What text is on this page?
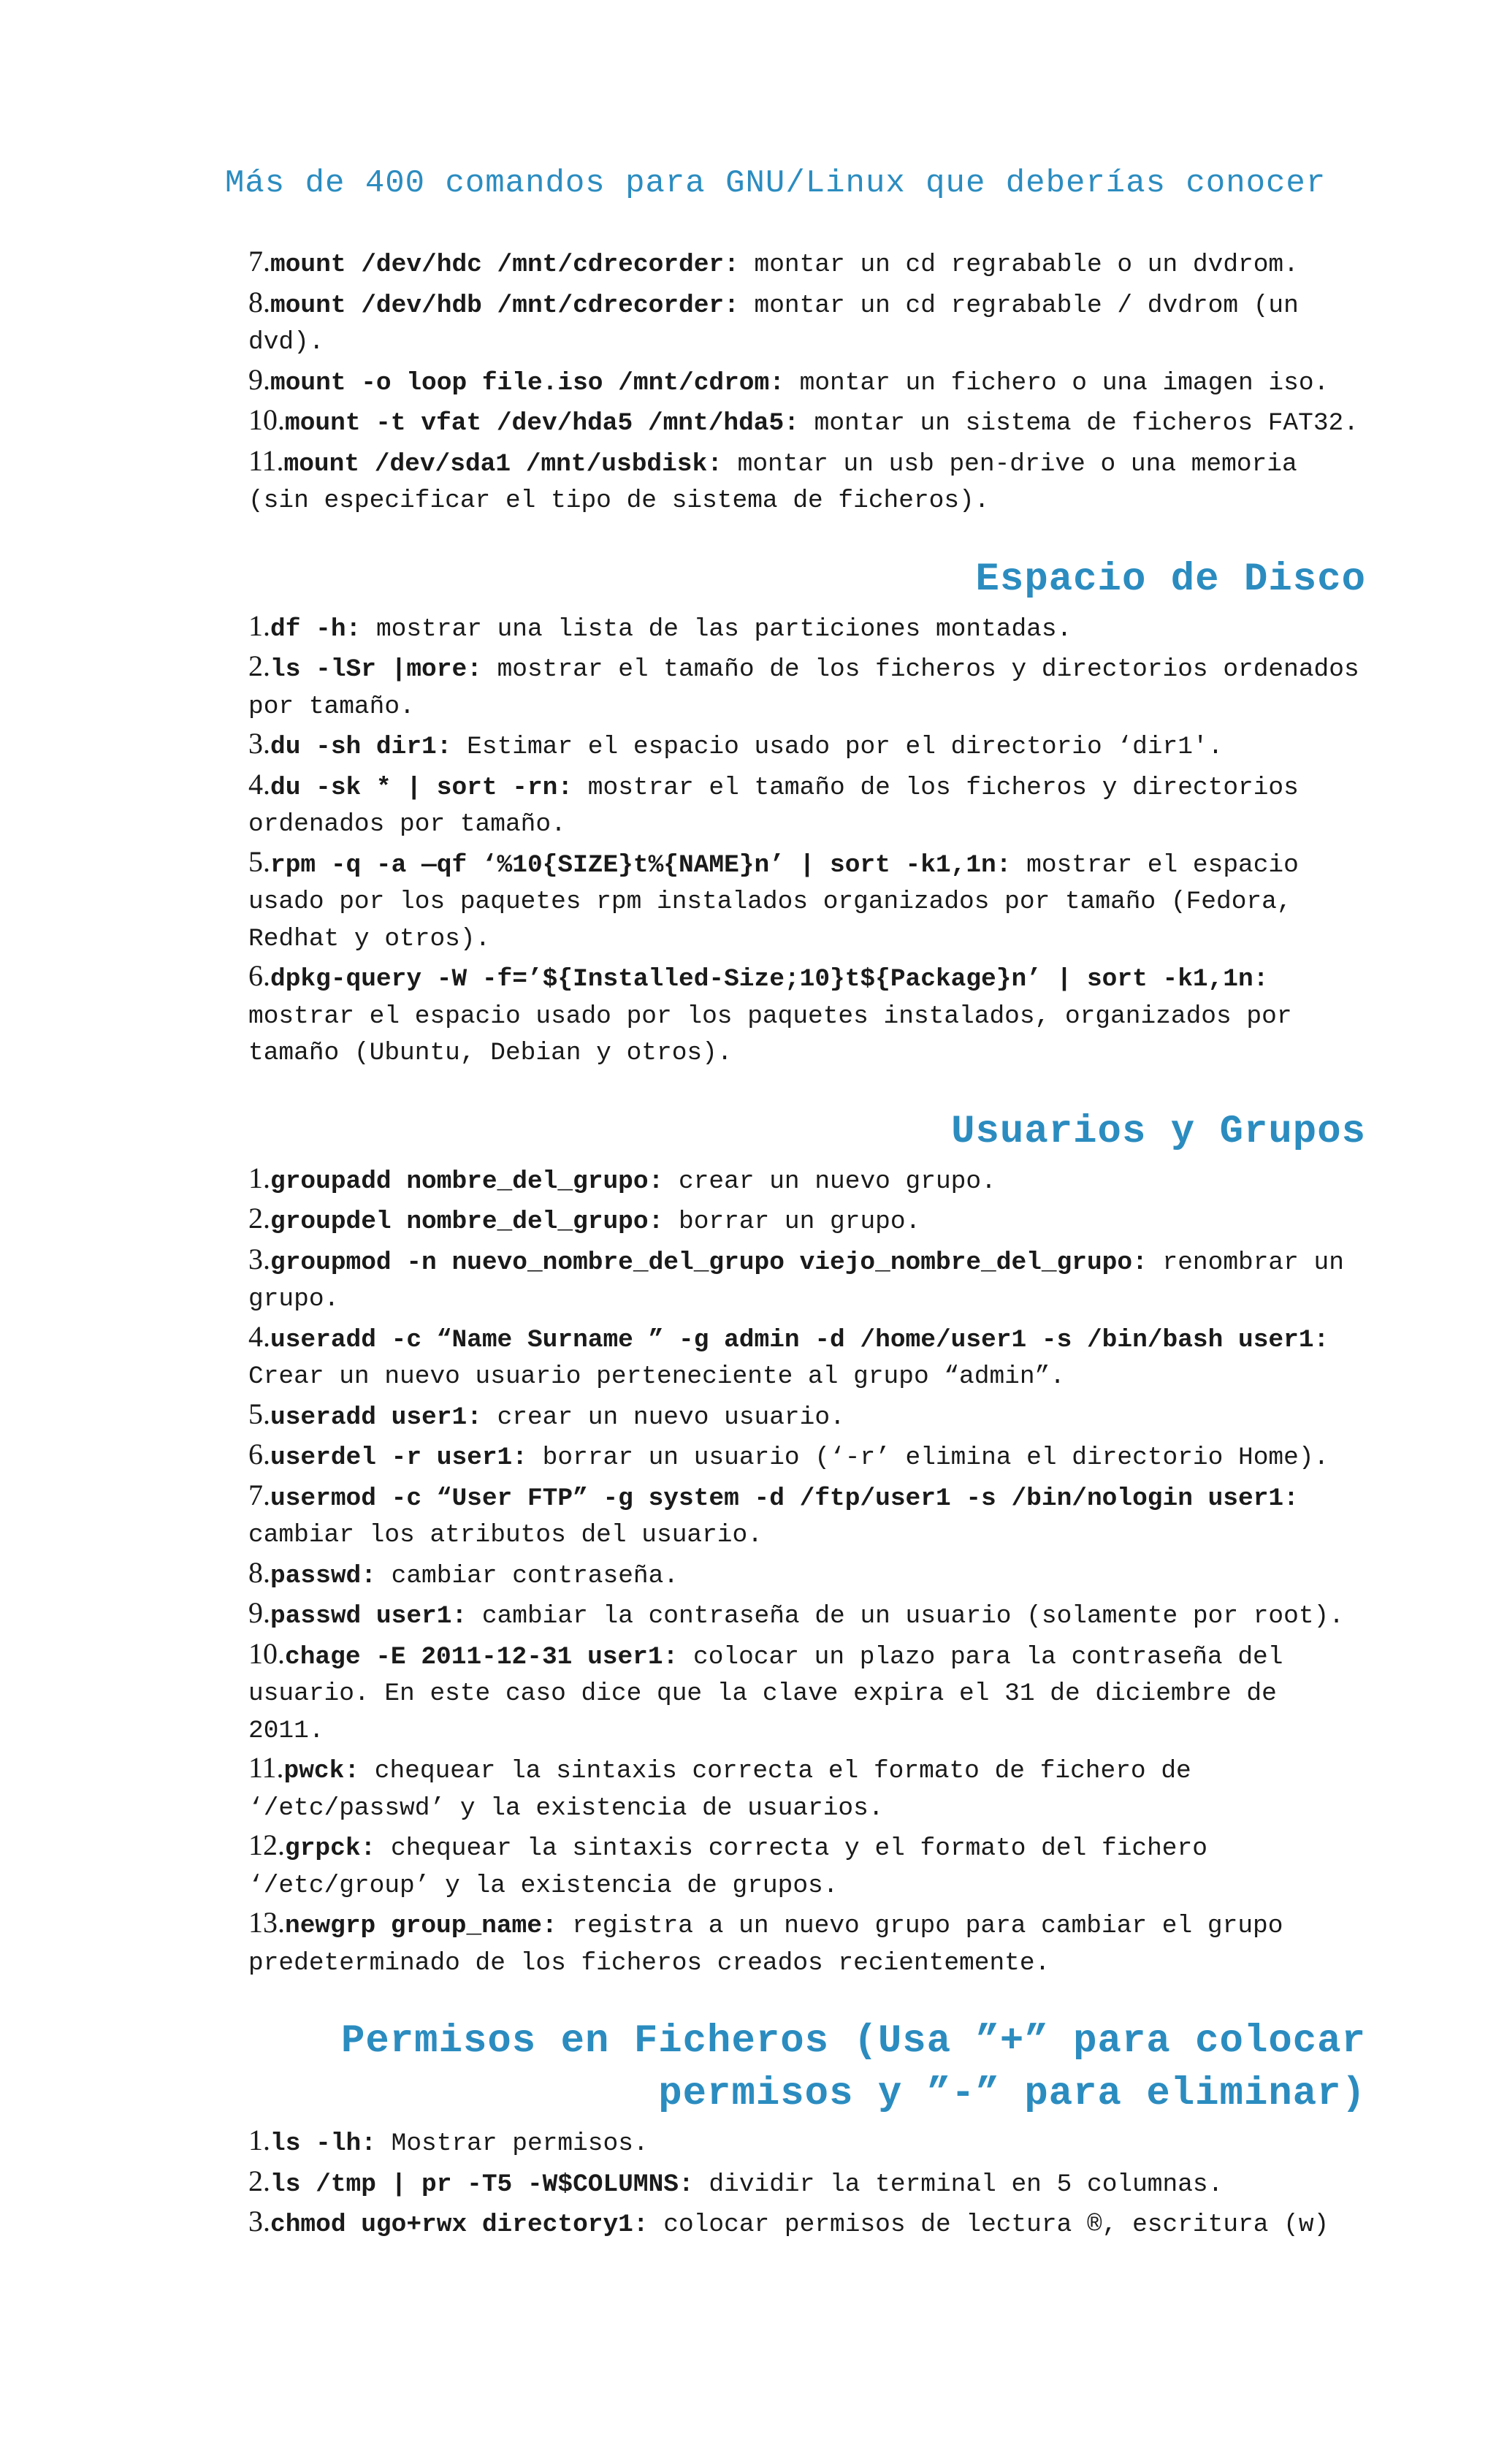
Más de 400 comandos para GNU/Linux que deberías conocer

7.mount /dev/hdc /mnt/cdrecorder: montar un cd regrabable o un dvdrom.

8.mount /dev/hdb /mnt/cdrecorder: montar un cd regrabable / dvdrom (un dvd).

9.mount -o loop file.iso /mnt/cdrom: montar un fichero o una imagen iso.

10.mount -t vfat /dev/hda5 /mnt/hda5: montar un sistema de ficheros FAT32.

11.mount /dev/sda1 /mnt/usbdisk: montar un usb pen-drive o una memoria (sin especificar el tipo de sistema de ficheros).

Espacio de Disco

1.df -h: mostrar una lista de las particiones montadas.

2.ls -lSr |more: mostrar el tamaño de los ficheros y directorios ordenados por tamaño.

3.du -sh dir1: Estimar el espacio usado por el directorio ‘dir1'.

4.du -sk * | sort -rn: mostrar el tamaño de los ficheros y directorios ordenados por tamaño.

5.rpm -q -a —qf ‘%10{SIZE}t%{NAME}n’ | sort -k1,1n: mostrar el espacio usado por los paquetes rpm instalados organizados por tamaño (Fedora, Redhat y otros).

6.dpkg-query -W -f=’${Installed-Size;10}t${Package}n’ | sort -k1,1n: mostrar el espacio usado por los paquetes instalados, organizados por tamaño (Ubuntu, Debian y otros).

Usuarios y Grupos

1.groupadd nombre_del_grupo: crear un nuevo grupo.

2.groupdel nombre_del_grupo: borrar un grupo.

3.groupmod -n nuevo_nombre_del_grupo viejo_nombre_del_grupo: renombrar un grupo.

4.useradd -c “Name Surname ” -g admin -d /home/user1 -s /bin/bash user1: Crear un nuevo usuario perteneciente al grupo “admin”.

5.useradd user1: crear un nuevo usuario.

6.userdel -r user1: borrar un usuario (‘-r’ elimina el directorio Home).

7.usermod -c “User FTP” -g system -d /ftp/user1 -s /bin/nologin user1: cambiar los atributos del usuario.

8.passwd: cambiar contraseña.

9.passwd user1: cambiar la contraseña de un usuario (solamente por root).

10.chage -E 2011-12-31 user1: colocar un plazo para la contraseña del usuario. En este caso dice que la clave expira el 31 de diciembre de 2011.

11.pwck: chequear la sintaxis correcta el formato de fichero de ‘/etc/passwd’ y la existencia de usuarios.

12.grpck: chequear la sintaxis correcta y el formato del fichero ‘/etc/group’ y la existencia de grupos.

13.newgrp group_name: registra a un nuevo grupo para cambiar el grupo predeterminado de los ficheros creados recientemente.

Permisos en Ficheros (Usa ”+” para colocar
permisos y ”-” para eliminar)

1.ls -lh: Mostrar permisos.

2.ls /tmp | pr -T5 -W$COLUMNS: dividir la terminal en 5 columnas.

3.chmod ugo+rwx directory1: colocar permisos de lectura ®, escritura (w)
